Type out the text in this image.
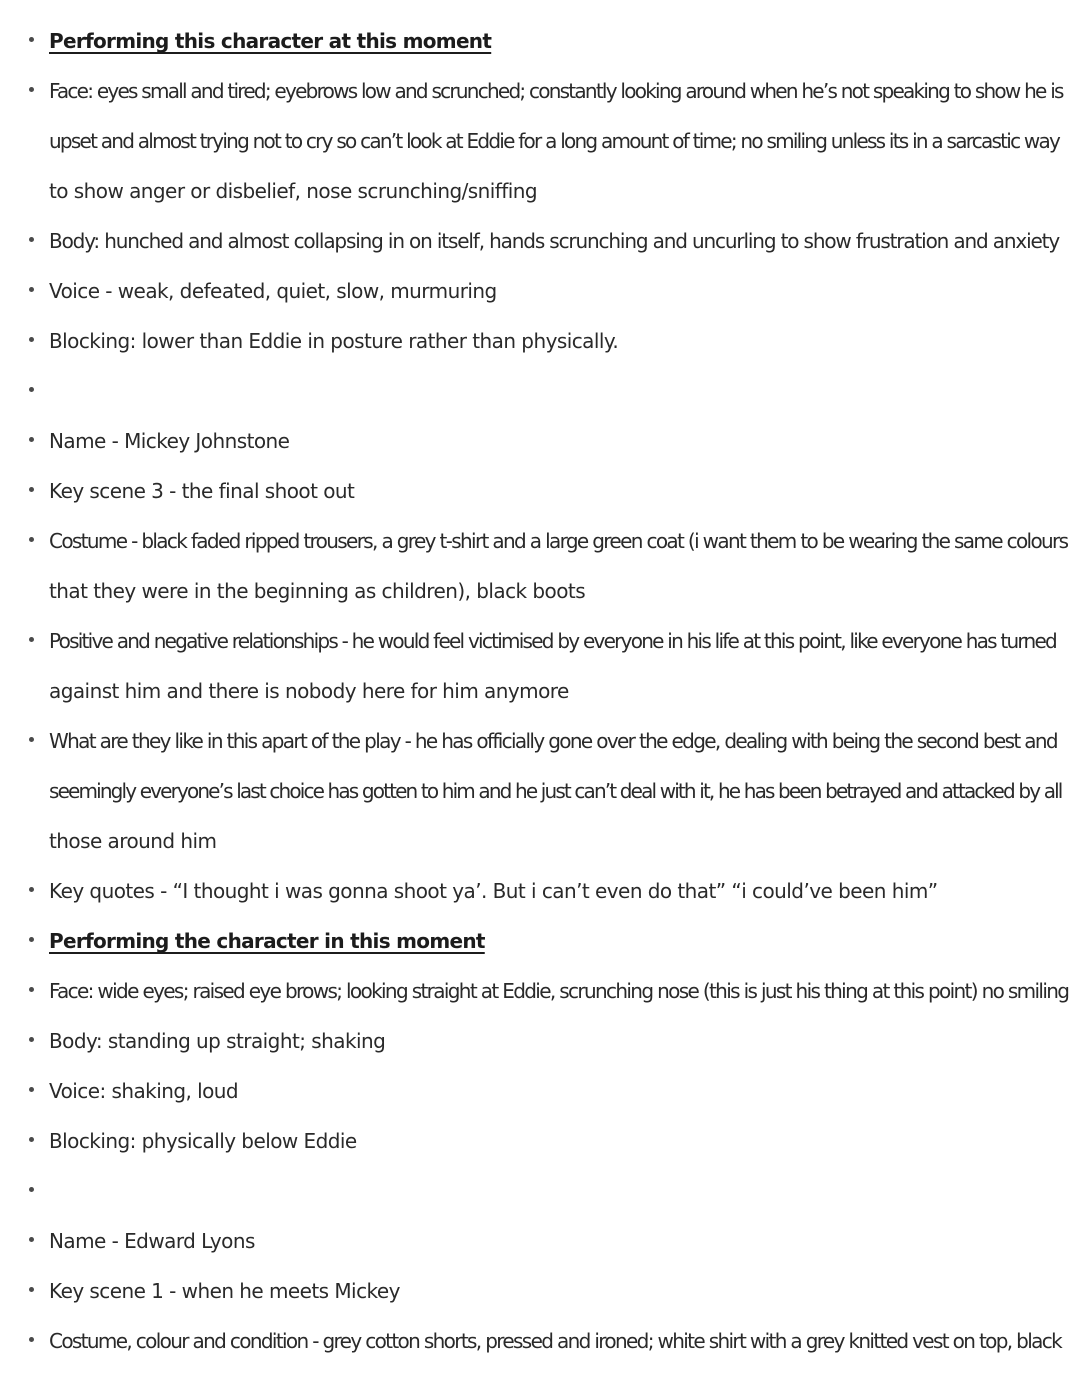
Performing this character at this moment
Face: eyes small and tired; eyebrows low and scrunched; constantly looking around when he’s not speaking to show he is
upset and almost trying not to cry so can’t look at Eddie for a long amount of time; no smiling unless its in a sarcastic way
to show anger or disbelief, nose scrunching/sniffing
Body: hunched and almost collapsing in on itself, hands scrunching and uncurling to show frustration and anxiety
Voice - weak, defeated, quiet, slow, murmuring
Blocking: lower than Eddie in posture rather than physically.
Name - Mickey Johnstone
Key scene 3 - the final shoot out
Costume - black faded ripped trousers, a grey t-shirt and a large green coat (i want them to be wearing the same colours
that they were in the beginning as children), black boots
Positive and negative relationships - he would feel victimised by everyone in his life at this point, like everyone has turned
against him and there is nobody here for him anymore
What are they like in this apart of the play - he has officially gone over the edge, dealing with being the second best and
seemingly everyone’s last choice has gotten to him and he just can’t deal with it, he has been betrayed and attacked by all
those around him
Key quotes - “I thought i was gonna shoot ya’. But i can’t even do that” “i could’ve been him”
Performing the character in this moment
Face: wide eyes; raised eye brows; looking straight at Eddie, scrunching nose (this is just his thing at this point) no smiling
Body: standing up straight; shaking
Voice: shaking, loud
Blocking: physically below Eddie
Name - Edward Lyons
Key scene 1 - when he meets Mickey
Costume, colour and condition - grey cotton shorts, pressed and ironed; white shirt with a grey knitted vest on top, black
